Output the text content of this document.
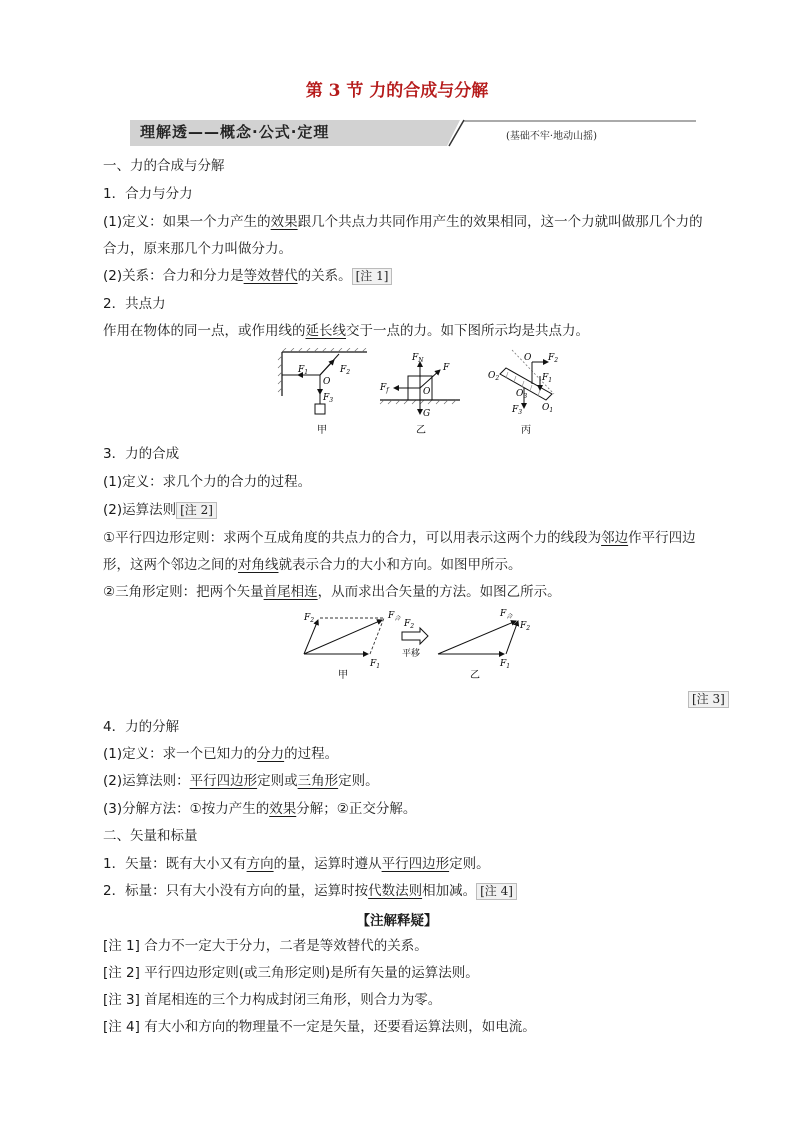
第 3 节 力的合成与分解
理解透——概念·公式·定理	(基础不牢·地动山摇)
一、力的合成与分解
1．合力与分力
(1)定义：如果一个力产生的效果跟几个共点力共同作用产生的效果相同，这一个力就叫做那几个力的
合力，原来那几个力叫做分力。
(2)关系：合力和分力是等效替代的关系。 [注 1]
2．共点力
作用在物体的同一点，或作用线的延长线交于一点的力。如下图所示均是共点力。
$F_1$	$F_2$
O
$F_3$
甲
$F_N$
F
$F_f$	O
G
乙
O $F_2$
$F_1$
$O_2$
$O_3$
$O_1$
$F_3$
丙
3．力的合成
(1)定义：求几个力的合力的过程。
(2)运算法则 [注 2]
①平行四边形定则：求两个互成角度的共点力的合力，可以用表示这两个力的线段为邻边作平行四边
形，这两个邻边之间的对角线就表示合力的大小和方向。如图甲所示。
②三角形定则：把两个矢量首尾相连，从而求出合矢量的方法。如图乙所示。
$F_2$	$F_合$
$F_1$
甲
$F_2$
平移
$F_合$
$F_2$
$F_1$
乙
[注 3]
4．力的分解
(1)定义：求一个已知力的分力的过程。
(2)运算法则：平行四边形定则或三角形定则。
(3)分解方法：①按力产生的效果分解；②正交分解。
二、矢量和标量
1．矢量：既有大小又有方向的量，运算时遵从平行四边形定则。
2．标量：只有大小没有方向的量，运算时按代数法则相加减。 [注 4]
【注解释疑】
[注 1] 合力不一定大于分力，二者是等效替代的关系。
[注 2] 平行四边形定则(或三角形定则)是所有矢量的运算法则。
[注 3] 首尾相连的三个力构成封闭三角形，则合力为零。
[注 4] 有大小和方向的物理量不一定是矢量，还要看运算法则，如电流。
